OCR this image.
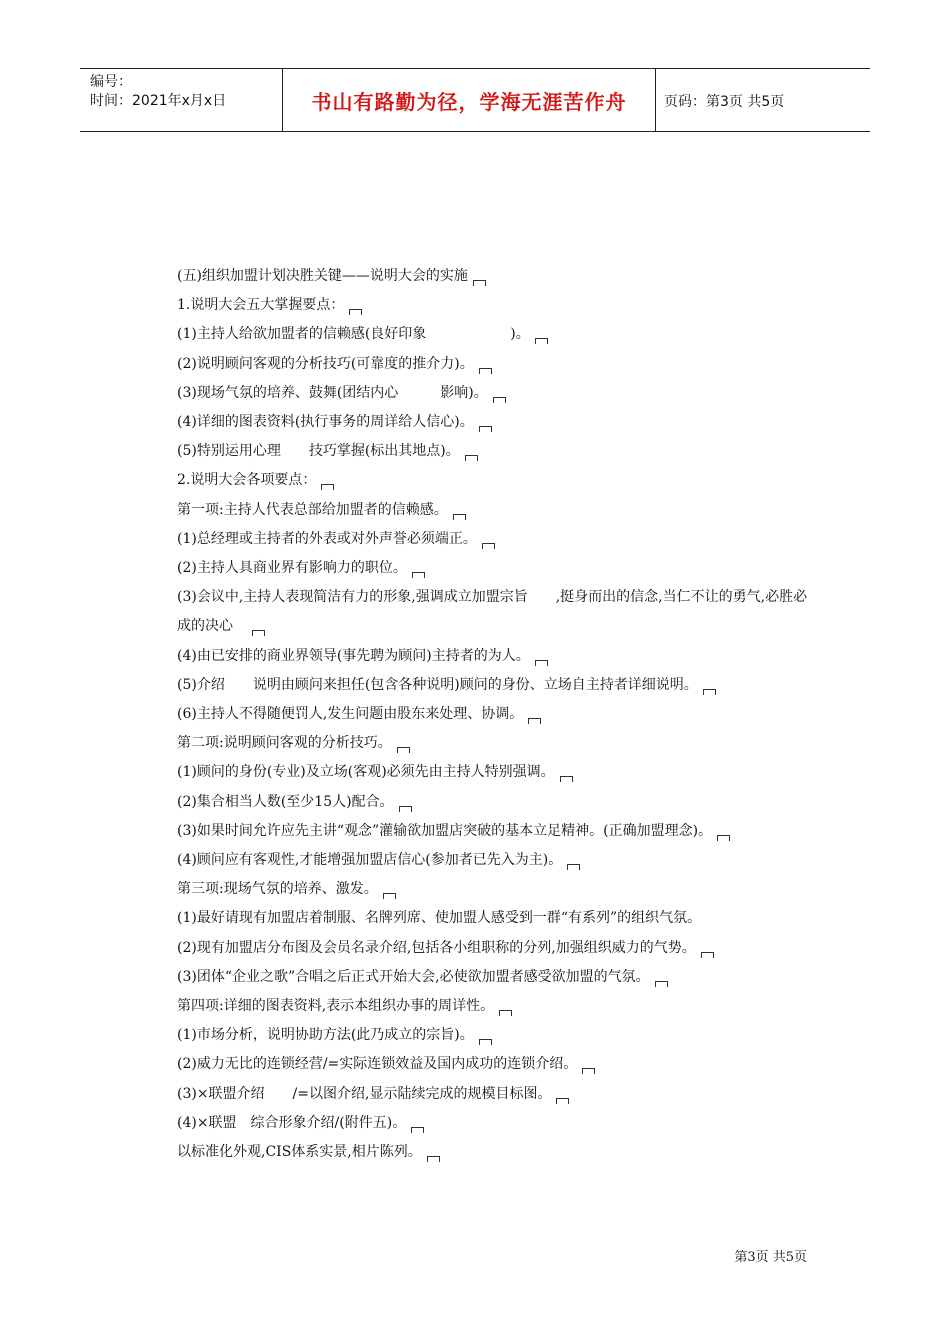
编号：
时间：2021年x月x日	书山有路勤为径，学海无涯苦作舟	页码：第3页 共5页
(五)组织加盟计划决胜关键——说明大会的实施
1.说明大会五大掌握要点：
(1)主持人给欲加盟者的信赖感(良好印象　　　　　　)。
(2)说明顾问客观的分析技巧(可靠度的推介力)。
(3)现场气氛的培养、鼓舞(团结内心　　　影响)。
(4)详细的图表资料(执行事务的周详给人信心)。
(5)特别运用心理　　技巧掌握(标出其地点)。
2.说明大会各项要点：
第一项:主持人代表总部给加盟者的信赖感。
(1)总经理或主持者的外表或对外声誉必须端正。
(2)主持人具商业界有影响力的职位。
(3)会议中,主持人表现简洁有力的形象,强调成立加盟宗旨　　,挺身而出的信念,当仁不让的勇气,必胜必成的决心　
(4)由已安排的商业界领导(事先聘为顾问)主持者的为人。
(5)介绍　　说明由顾问来担任(包含各种说明)顾问的身份、立场自主持者详细说明。
(6)主持人不得随便罚人,发生问题由股东来处理、协调。
第二项:说明顾问客观的分析技巧。
(1)顾问的身份(专业)及立场(客观)必须先由主持人特别强调。
(2)集合相当人数(至少15人)配合。
(3)如果时间允许应先主讲“观念”灌输欲加盟店突破的基本立足精神。(正确加盟理念)。
(4)顾问应有客观性,才能增强加盟店信心(参加者已先入为主)。
第三项:现场气氛的培养、激发。
(1)最好请现有加盟店着制服、名牌列席、使加盟人感受到一群“有系列”的组织气氛。
(2)现有加盟店分布图及会员名录介绍,包括各小组职称的分列,加强组织威力的气势。
(3)团体“企业之歌”合唱之后正式开始大会,必使欲加盟者感受欲加盟的气氛。
第四项:详细的图表资料,表示本组织办事的周详性。
(1)市场分析，说明协助方法(此乃成立的宗旨)。
(2)威力无比的连锁经营/=实际连锁效益及国内成功的连锁介绍。
(3)×联盟介绍　　/=以图介绍,显示陆续完成的规模目标图。
(4)×联盟　综合形象介绍/(附件五)。
以标准化外观,CIS体系实景,相片陈列。
第3页 共5页
